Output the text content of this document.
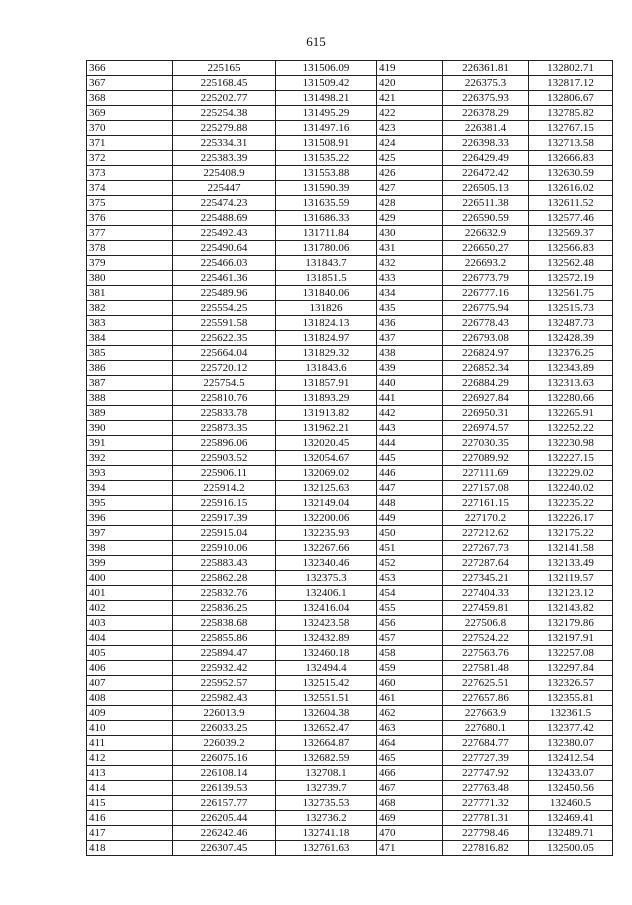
615
366	225165	131506.09	419	226361.81	132802.71
367	225168.45	131509.42	420	226375.3	132817.12
368	225202.77	131498.21	421	226375.93	132806.67
369	225254.38	131495.29	422	226378.29	132785.82
370	225279.88	131497.16	423	226381.4	132767.15
371	225334.31	131508.91	424	226398.33	132713.58
372	225383.39	131535.22	425	226429.49	132666.83
373	225408.9	131553.88	426	226472.42	132630.59
374	225447	131590.39	427	226505.13	132616.02
375	225474.23	131635.59	428	226511.38	132611.52
376	225488.69	131686.33	429	226590.59	132577.46
377	225492.43	131711.84	430	226632.9	132569.37
378	225490.64	131780.06	431	226650.27	132566.83
379	225466.03	131843.7	432	226693.2	132562.48
380	225461.36	131851.5	433	226773.79	132572.19
381	225489.96	131840.06	434	226777.16	132561.75
382	225554.25	131826	435	226775.94	132515.73
383	225591.58	131824.13	436	226778.43	132487.73
384	225622.35	131824.97	437	226793.08	132428.39
385	225664.04	131829.32	438	226824.97	132376.25
386	225720.12	131843.6	439	226852.34	132343.89
387	225754.5	131857.91	440	226884.29	132313.63
388	225810.76	131893.29	441	226927.84	132280.66
389	225833.78	131913.82	442	226950.31	132265.91
390	225873.35	131962.21	443	226974.57	132252.22
391	225896.06	132020.45	444	227030.35	132230.98
392	225903.52	132054.67	445	227089.92	132227.15
393	225906.11	132069.02	446	227111.69	132229.02
394	225914.2	132125.63	447	227157.08	132240.02
395	225916.15	132149.04	448	227161.15	132235.22
396	225917.39	132200.06	449	227170.2	132226.17
397	225915.04	132235.93	450	227212.62	132175.22
398	225910.06	132267.66	451	227267.73	132141.58
399	225883.43	132340.46	452	227287.64	132133.49
400	225862.28	132375.3	453	227345.21	132119.57
401	225832.76	132406.1	454	227404.33	132123.12
402	225836.25	132416.04	455	227459.81	132143.82
403	225838.68	132423.58	456	227506.8	132179.86
404	225855.86	132432.89	457	227524.22	132197.91
405	225894.47	132460.18	458	227563.76	132257.08
406	225932.42	132494.4	459	227581.48	132297.84
407	225952.57	132515.42	460	227625.51	132326.57
408	225982.43	132551.51	461	227657.86	132355.81
409	226013.9	132604.38	462	227663.9	132361.5
410	226033.25	132652.47	463	227680.1	132377.42
411	226039.2	132664.87	464	227684.77	132380.07
412	226075.16	132682.59	465	227727.39	132412.54
413	226108.14	132708.1	466	227747.92	132433.07
414	226139.53	132739.7	467	227763.48	132450.56
415	226157.77	132735.53	468	227771.32	132460.5
416	226205.44	132736.2	469	227781.31	132469.41
417	226242.46	132741.18	470	227798.46	132489.71
418	226307.45	132761.63	471	227816.82	132500.05
